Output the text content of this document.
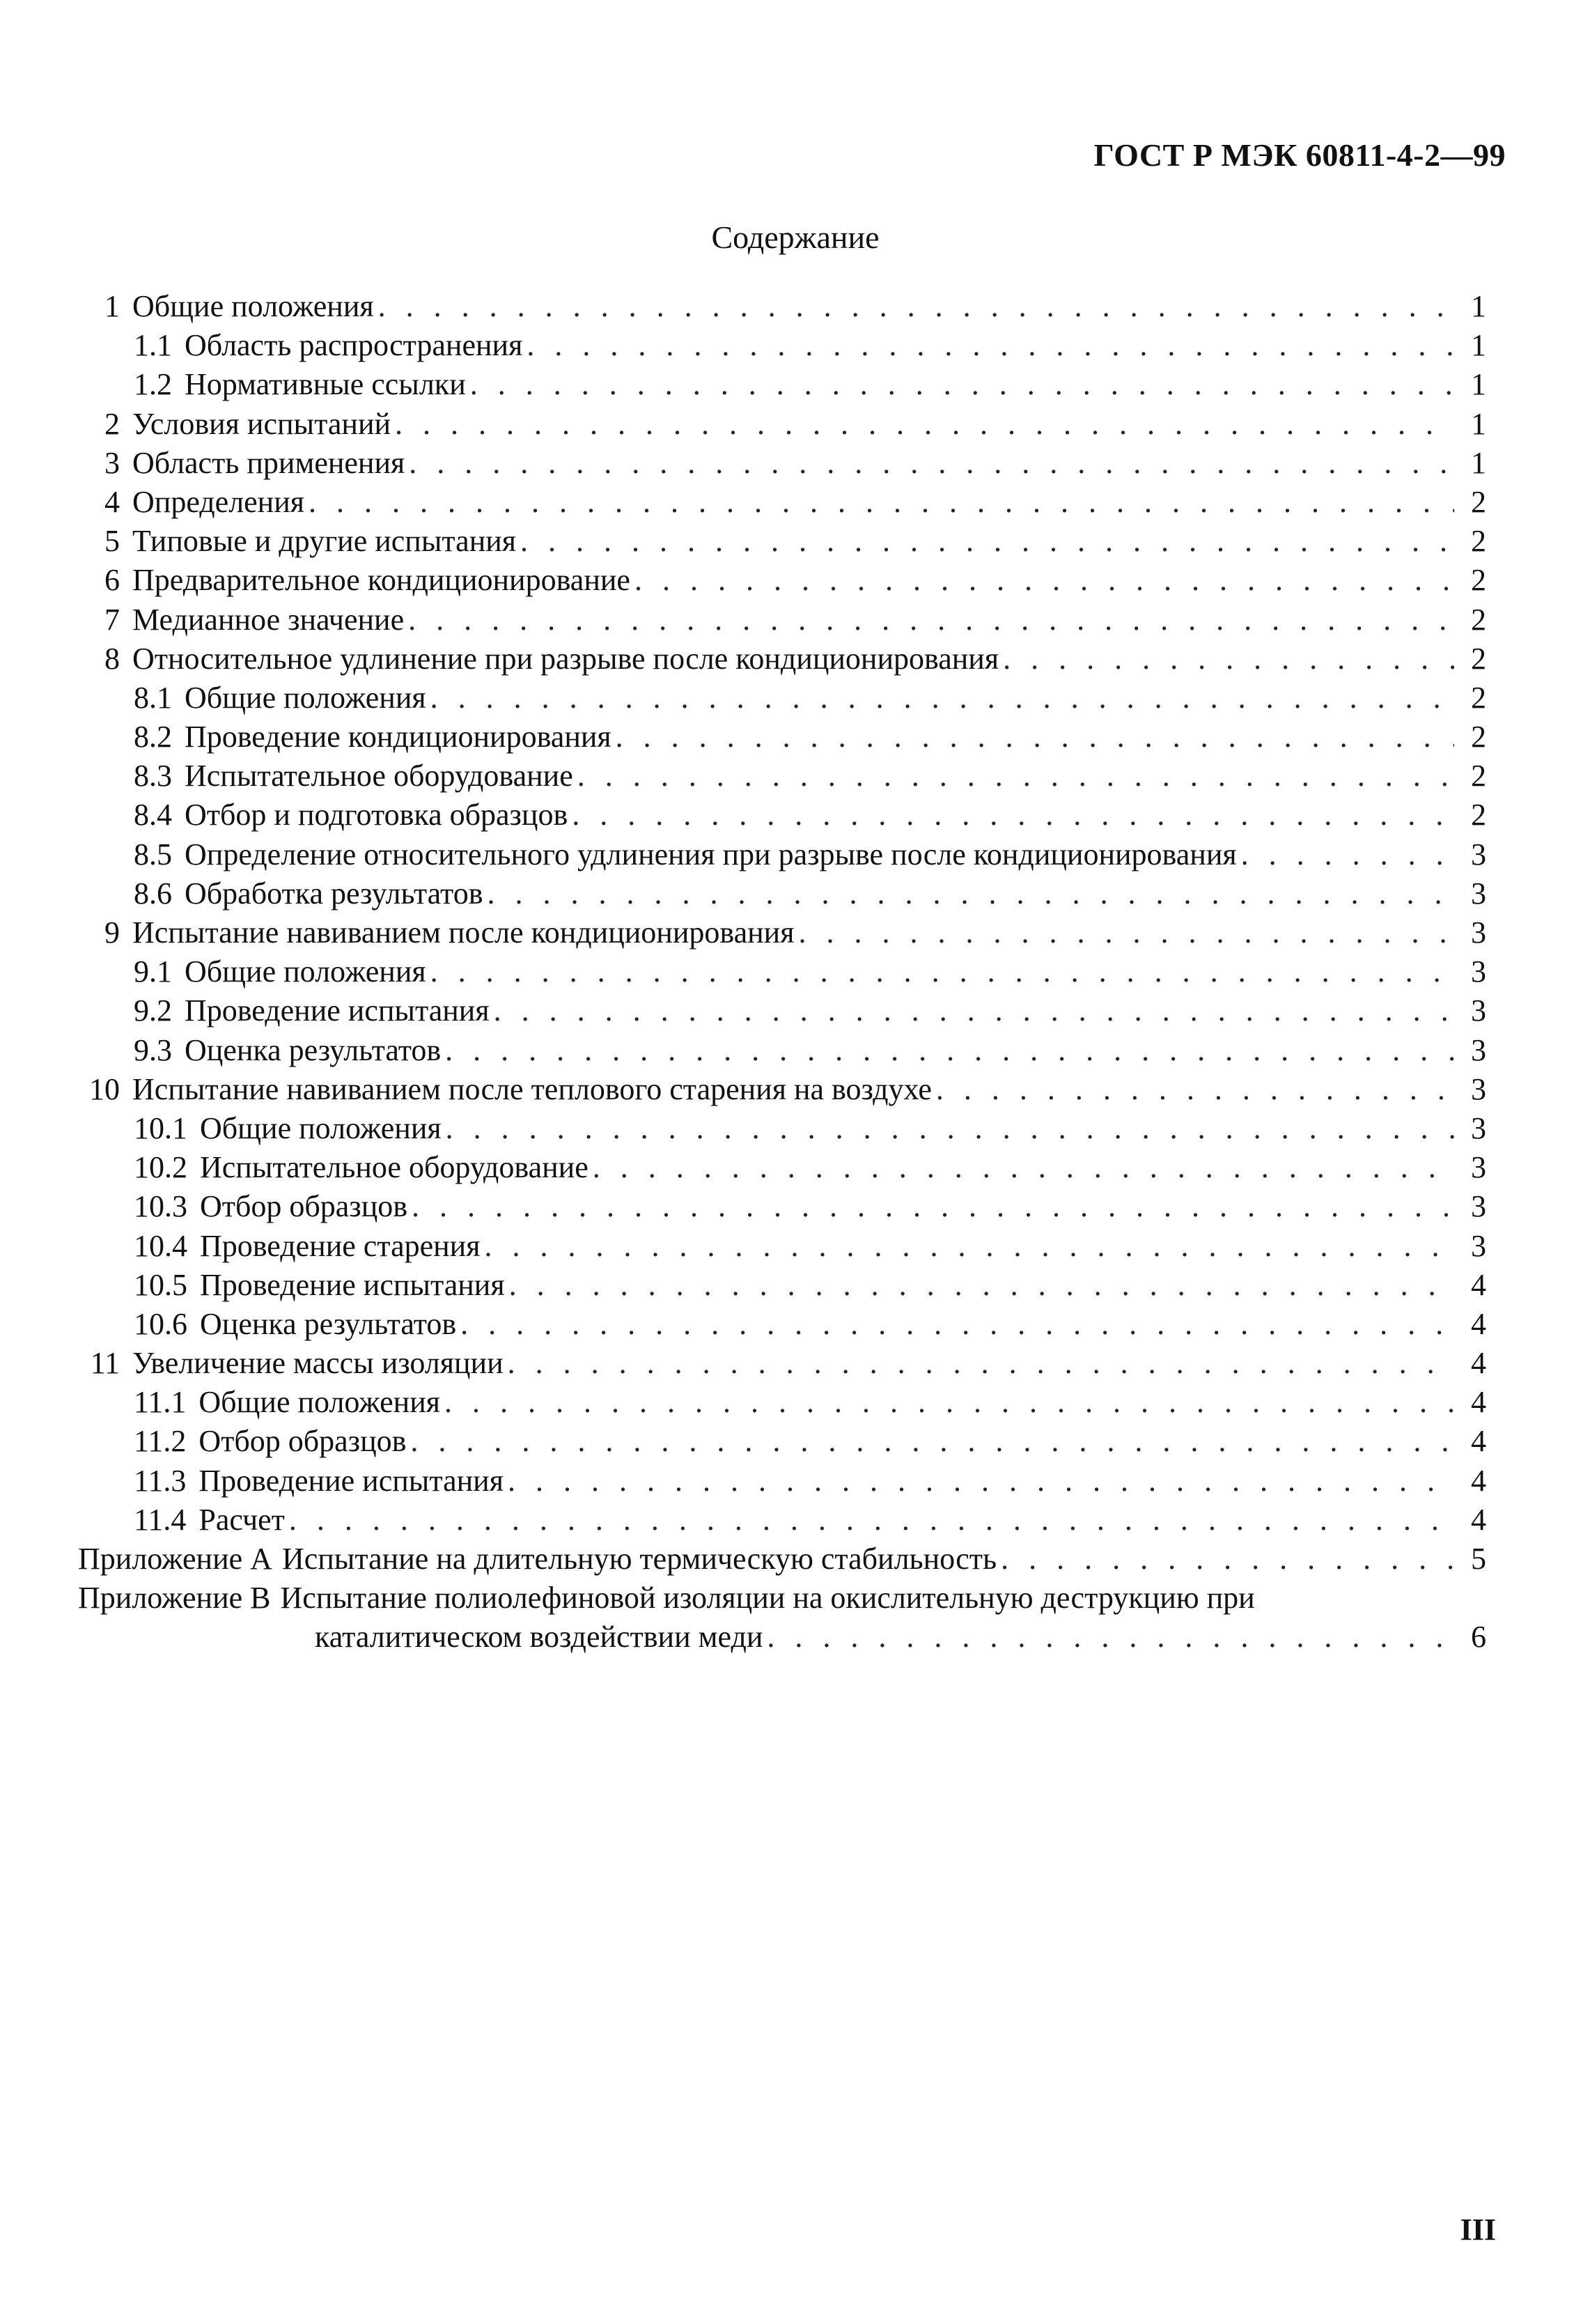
ГОСТ Р МЭК 60811-4-2—99
Содержание
1 Общие положения . . .	1
1.1 Область распространения . . .	1
1.2 Нормативные ссылки . . .	1
2 Условия испытаний . . .	1
3 Область применения . . .	1
4 Определения . . .	2
5 Типовые и другие испытания . . .	2
6 Предварительное кондиционирование . . .	2
7 Медианное значение . . .	2
8 Относительное удлинение при разрыве после кондиционирования . . .	2
8.1 Общие положения . . .	2
8.2 Проведение кондиционирования . . .	2
8.3 Испытательное оборудование . . .	2
8.4 Отбор и подготовка образцов . . .	2
8.5 Определение относительного удлинения при разрыве после кондиционирования . . .	3
8.6 Обработка результатов . . .	3
9 Испытание навиванием после кондиционирования . . .	3
9.1 Общие положения . . .	3
9.2 Проведение испытания . . .	3
9.3 Оценка результатов . . .	3
10 Испытание навиванием после теплового старения на воздухе . . .	3
10.1 Общие положения . . .	3
10.2 Испытательное оборудование . . .	3
10.3 Отбор образцов . . .	3
10.4 Проведение старения . . .	3
10.5 Проведение испытания . . .	4
10.6 Оценка результатов . . .	4
11 Увеличение массы изоляции . . .	4
11.1 Общие положения . . .	4
11.2 Отбор образцов . . .	4
11.3 Проведение испытания . . .	4
11.4 Расчет . . .	4
Приложение А Испытание на длительную термическую стабильность . . .	5
Приложение В Испытание полиолефиновой изоляции на окислительную деструкцию при
каталитическом воздействии меди . . .	6
III
